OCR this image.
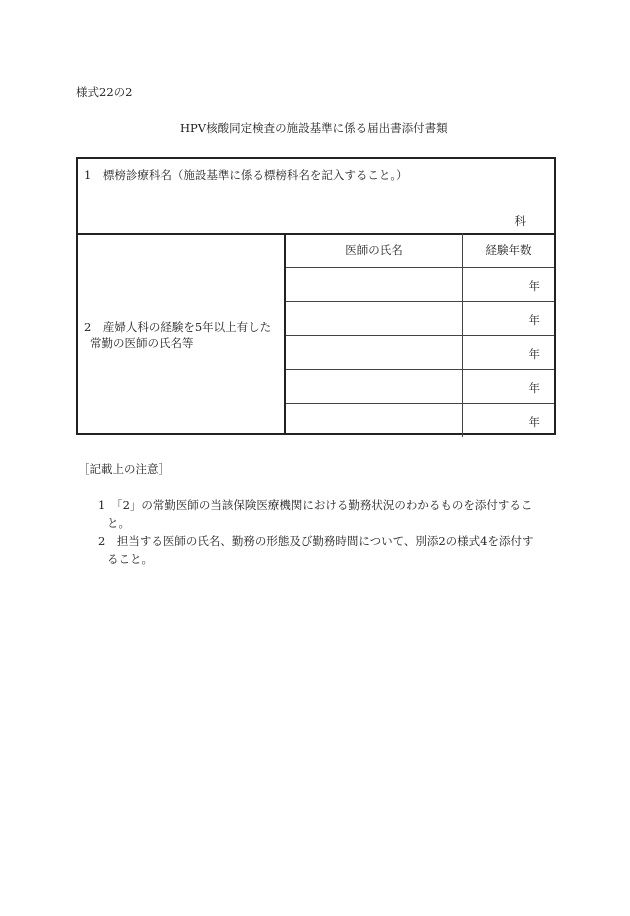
様式22の2
HPV核酸同定検査の施設基準に係る届出書添付書類
1　標榜診療科名（施設基準に係る標榜科名を記入すること。）
科
2　産婦人科の経験を5年以上有した
常勤の医師の氏名等
医師の氏名	経験年数
年
年
年
年
年
［記載上の注意］
1　「2」の常勤医師の当該保険医療機関における勤務状況のわかるものを添付するこ
と。
2　担当する医師の氏名、勤務の形態及び勤務時間について、別添2の様式4を添付す
ること。
